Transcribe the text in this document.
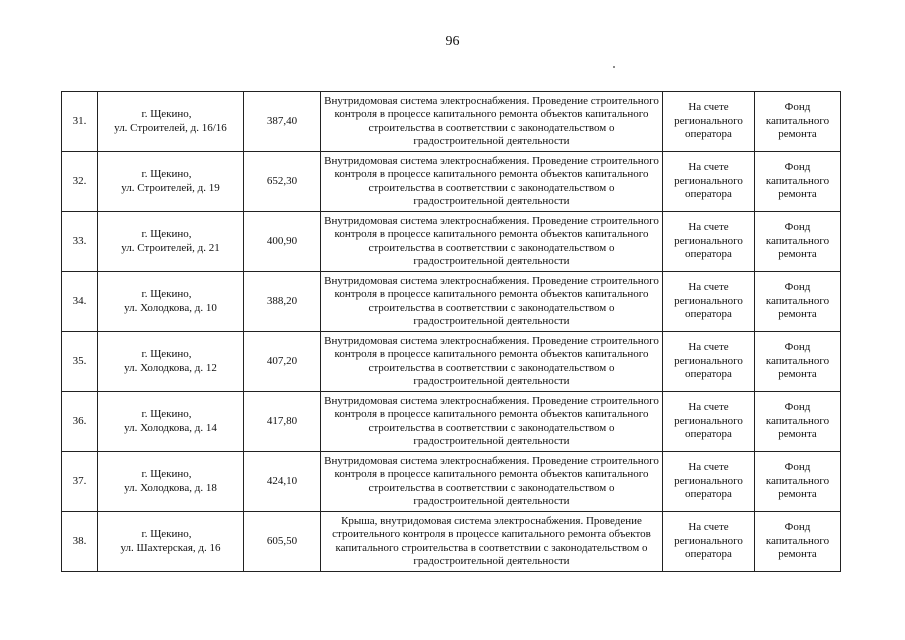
96
31.	г. Щекино,
ул. Строителей, д. 16/16	387,40	Внутридомовая система электроснабжения. Проведение строительного контроля в процессе капитального ремонта объектов капитального строительства в соответствии с законодательством о градостроительной деятельности	На счете регионального оператора	Фонд капитального ремонта
32.	г. Щекино,
ул. Строителей, д. 19	652,30	Внутридомовая система электроснабжения. Проведение строительного контроля в процессе капитального ремонта объектов капитального строительства в соответствии с законодательством о градостроительной деятельности	На счете регионального оператора	Фонд капитального ремонта
33.	г. Щекино,
ул. Строителей, д. 21	400,90	Внутридомовая система электроснабжения. Проведение строительного контроля в процессе капитального ремонта объектов капитального строительства в соответствии с законодательством о градостроительной деятельности	На счете регионального оператора	Фонд капитального ремонта
34.	г. Щекино,
ул. Холодкова, д. 10	388,20	Внутридомовая система электроснабжения. Проведение строительного контроля в процессе капитального ремонта объектов капитального строительства в соответствии с законодательством о градостроительной деятельности	На счете регионального оператора	Фонд капитального ремонта
35.	г. Щекино,
ул. Холодкова, д. 12	407,20	Внутридомовая система электроснабжения. Проведение строительного контроля в процессе капитального ремонта объектов капитального строительства в соответствии с законодательством о градостроительной деятельности	На счете регионального оператора	Фонд капитального ремонта
36.	г. Щекино,
ул. Холодкова, д. 14	417,80	Внутридомовая система электроснабжения. Проведение строительного контроля в процессе капитального ремонта объектов капитального строительства в соответствии с законодательством о градостроительной деятельности	На счете регионального оператора	Фонд капитального ремонта
37.	г. Щекино,
ул. Холодкова, д. 18	424,10	Внутридомовая система электроснабжения. Проведение строительного контроля в процессе капитального ремонта объектов капитального строительства в соответствии с законодательством о градостроительной деятельности	На счете регионального оператора	Фонд капитального ремонта
38.	г. Щекино,
ул. Шахтерская, д. 16	605,50	Крыша, внутридомовая система электроснабжения. Проведение строительного контроля в процессе капитального ремонта объектов капитального строительства в соответствии с законодательством о градостроительной деятельности	На счете регионального оператора	Фонд капитального ремонта
